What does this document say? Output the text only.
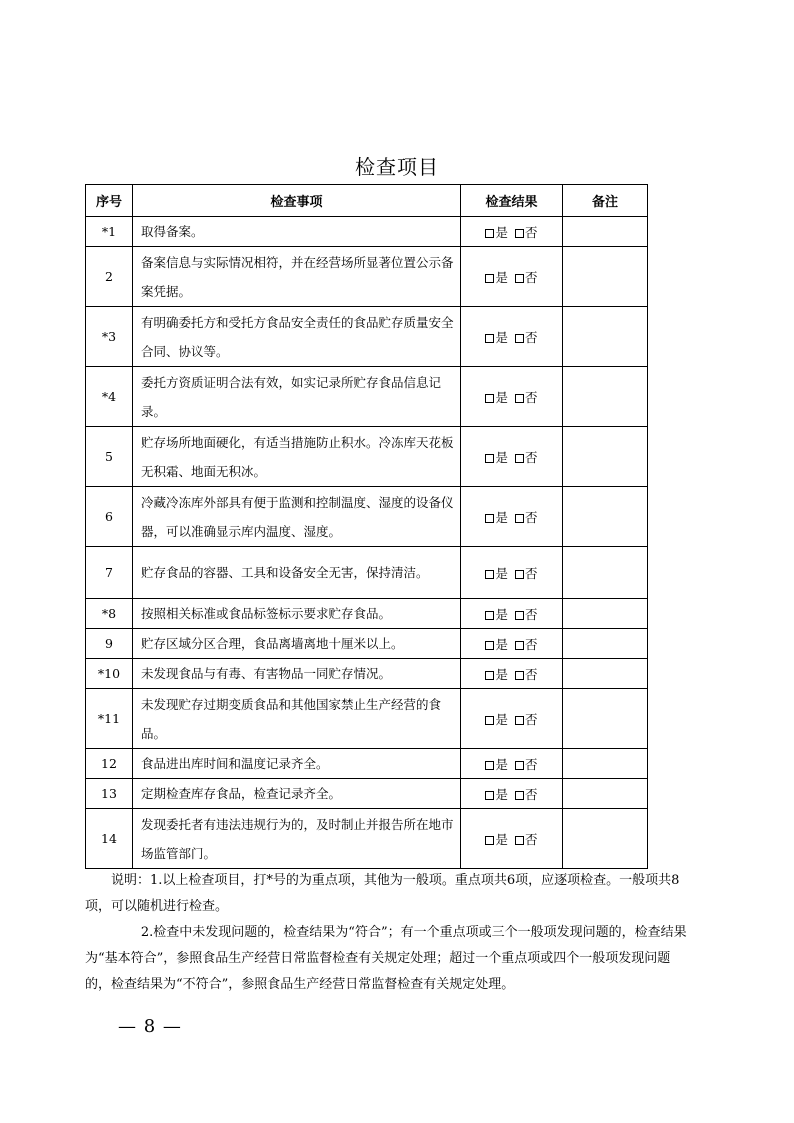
检查项目
序号	检查事项	检查结果	备注
*1	取得备案。	是 否	
2	备案信息与实际情况相符，并在经营场所显著位置公示备案凭据。	是 否	
*3	有明确委托方和受托方食品安全责任的食品贮存质量安全合同、协议等。	是 否	
*4	委托方资质证明合法有效，如实记录所贮存食品信息记录。	是 否	
5	贮存场所地面硬化，有适当措施防止积水。冷冻库天花板无积霜、地面无积冰。	是 否	
6	冷藏冷冻库外部具有便于监测和控制温度、湿度的设备仪器，可以准确显示库内温度、湿度。	是 否	
7	贮存食品的容器、工具和设备安全无害，保持清洁。	是 否	
*8	按照相关标准或食品标签标示要求贮存食品。	是 否	
9	贮存区域分区合理，食品离墙离地十厘米以上。	是 否	
*10	未发现食品与有毒、有害物品一同贮存情况。	是 否	
*11	未发现贮存过期变质食品和其他国家禁止生产经营的食品。	是 否	
12	食品进出库时间和温度记录齐全。	是 否	
13	定期检查库存食品，检查记录齐全。	是 否	
14	发现委托者有违法违规行为的，及时制止并报告所在地市场监管部门。	是 否	

说明：1.以上检查项目，打*号的为重点项，其他为一般项。重点项共6项，应逐项检查。一般项共8项，可以随机进行检查。

2.检查中未发现问题的，检查结果为“符合”；有一个重点项或三个一般项发现问题的，检查结果为“基本符合”，参照食品生产经营日常监督检查有关规定处理；超过一个重点项或四个一般项发现问题的，检查结果为“不符合”，参照食品生产经营日常监督检查有关规定处理。

— 8 —
